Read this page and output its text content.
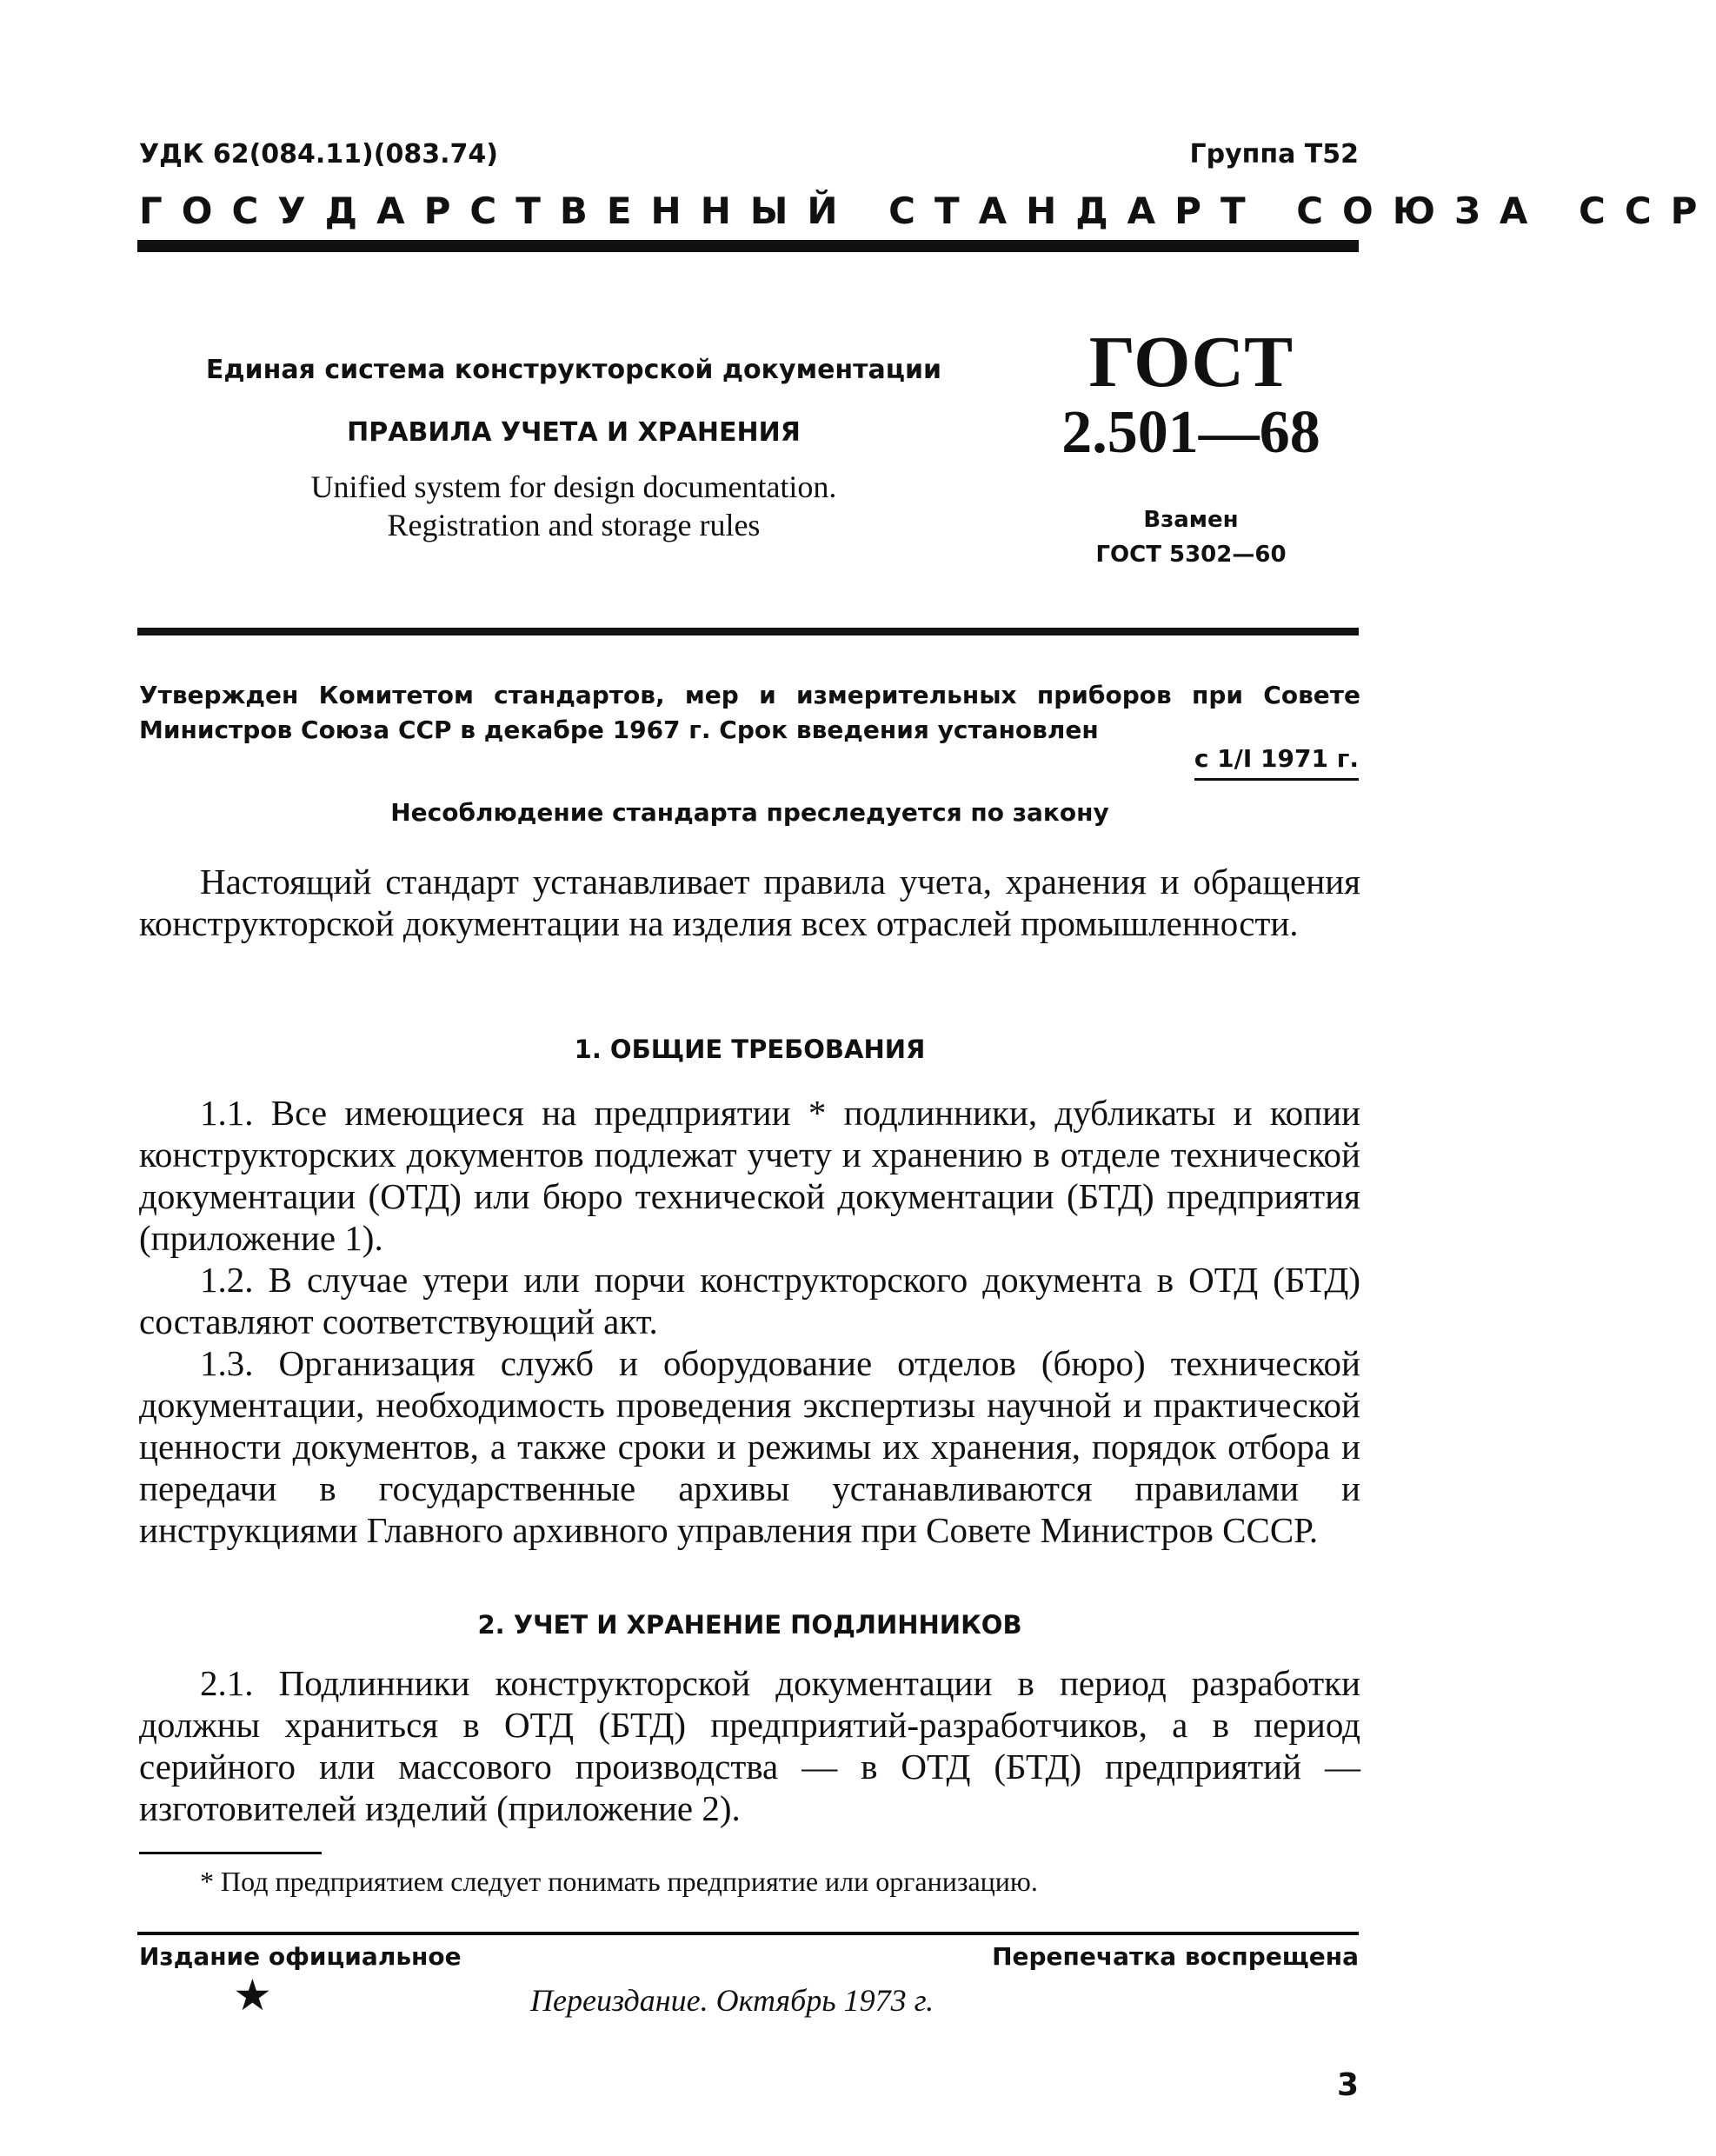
УДК 62(084.11)(083.74)	Группа Т52
ГОСУДАРСТВЕННЫЙ СТАНДАРТ СОЮЗА ССР
Единая система конструкторской документации
ПРАВИЛА УЧЕТА И ХРАНЕНИЯ
Unified system for design documentation.
Registration and storage rules
ГОСТ
2.501—68
Взамен
ГОСТ 5302—60
Утвержден Комитетом стандартов, мер и измерительных приборов при Совете Министров Союза ССР в декабре 1967 г. Срок введения установлен
с 1/I 1971 г.
Несоблюдение стандарта преследуется по закону

Настоящий стандарт устанавливает правила учета, хранения и обращения конструкторской документации на изделия всех отраслей промышленности.

1. ОБЩИЕ ТРЕБОВАНИЯ

1.1. Все имеющиеся на предприятии * подлинники, дубликаты и копии конструкторских документов подлежат учету и хранению в отделе технической документации (ОТД) или бюро технической документации (БТД) предприятия (приложение 1).

1.2. В случае утери или порчи конструкторского документа в ОТД (БТД) составляют соответствующий акт.

1.3. Организация служб и оборудование отделов (бюро) технической документации, необходимость проведения экспертизы научной и практической ценности документов, а также сроки и режимы их хранения, порядок отбора и передачи в государственные архивы устанавливаются правилами и инструкциями Главного архивного управления при Совете Министров СССР.

2. УЧЕТ И ХРАНЕНИЕ ПОДЛИННИКОВ

2.1. Подлинники конструкторской документации в период разработки должны храниться в ОТД (БТД) предприятий-разработчиков, а в период серийного или массового производства — в ОТД (БТД) предприятий — изготовителей изделий (приложение 2).

* Под предприятием следует понимать предприятие или организацию.
Издание официальное	Перепечатка воспрещена
★	Переиздание. Октябрь 1973 г.
3
